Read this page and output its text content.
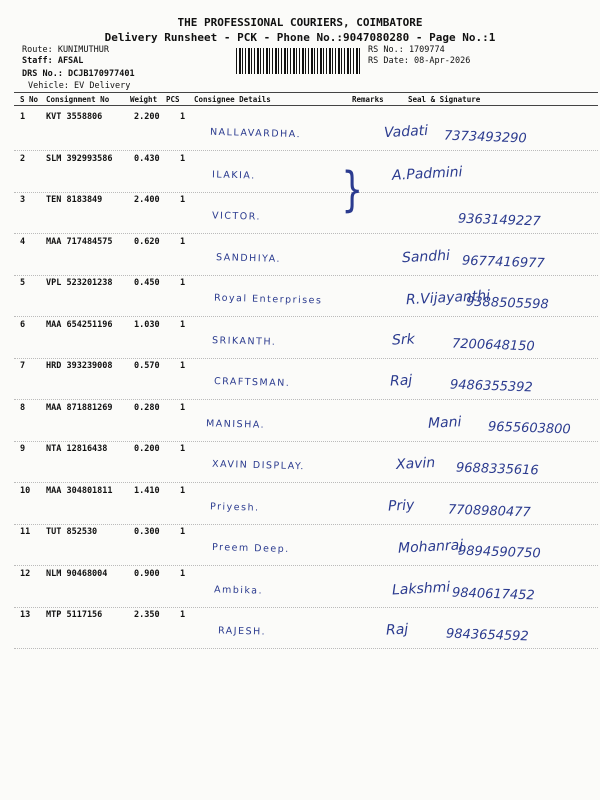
THE PROFESSIONAL COURIERS, COIMBATORE
Delivery Runsheet - PCK - Phone No.:9047080280 - Page No.:1
Route: KUNIMUTHUR
Staff: AFSAL
DRS No.: DCJB170977401
Vehicle: EV Delivery
RS No.: 1709774
RS Date: 08-Apr-2026
S No Consignment No	Weight PCS Consignee Details	Remarks	Seal & Signature
1 KVT 3558806	2.200 1
NALLAVARDHA.	Vadati 7373493290
2 SLM 392993586	0.430 1
ILAKIA.	A.Padmini
3 TEN 8183849	2.400 1
VICTOR.	9363149227
4 MAA 717484575	0.620 1
SANDHIYA.	Sandhi 9677416977
5 VPL 523201238	0.450 1
Royal Enterprises	R.Vijayanthi
9388505598
6 MAA 654251196	1.030 1
SRIKANTH.	Srk	7200648150
7 HRD 393239008	0.570 1
CRAFTSMAN.	Raj	9486355392
8 MAA 871881269	0.280 1
MANISHA.	Mani 9655603800
9 NTA 12816438	0.200 1
XAVIN DISPLAY.	Xavin 9688335616
10 MAA 304801811	1.410 1
Priyesh.	Priy	7708980477
11 TUT 852530	0.300 1
Preem Deep.	Mohanraj
9894590750
12 NLM 90468004	0.900 1
Ambika.	Lakshmi 9840617452
13 MTP 5117156	2.350 1
RAJESH.	Raj	9843654592
}
